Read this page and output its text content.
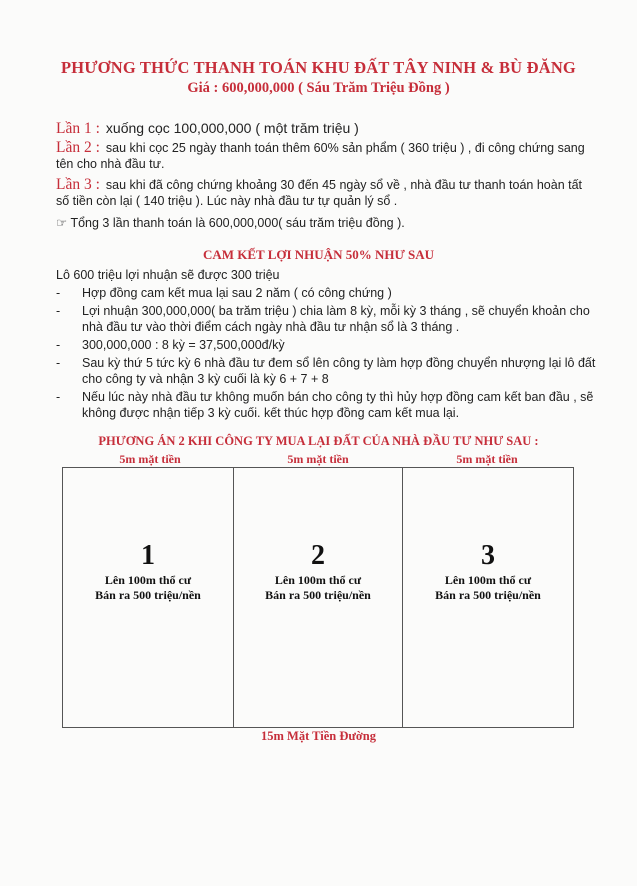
PHƯƠNG THỨC THANH TOÁN KHU ĐẤT TÂY NINH & BÙ ĐĂNG
Giá : 600,000,000 ( Sáu Trăm Triệu Đồng )
Lần 1 : xuống cọc 100,000,000 ( một trăm triệu )
Lần 2 : sau khi cọc 25 ngày thanh toán thêm 60% sản phẩm ( 360 triệu ) , đi công chứng sang tên cho nhà đầu tư.
Lần 3 : sau khi đã công chứng khoảng 30 đến 45 ngày sổ về , nhà đầu tư thanh toán hoàn tất số tiền còn lại ( 140 triệu ). Lúc này nhà đầu tư tự quản lý sổ .
☞ Tổng 3 lần thanh toán là 600,000,000( sáu trăm triệu đồng ).
CAM KẾT LỢI NHUẬN 50% NHƯ SAU
Lô 600 triệu lợi nhuận sẽ được 300 triệu
- Hợp đồng cam kết mua lại sau 2 năm ( có công chứng )
- Lợi nhuận 300,000,000( ba trăm triệu ) chia làm 8 kỳ, mỗi kỳ 3 tháng , sẽ chuyển khoản cho nhà đầu tư vào thời điểm cách ngày nhà đầu tư nhận sổ là 3 tháng .
- 300,000,000 : 8 kỳ = 37,500,000đ/kỳ
- Sau kỳ thứ 5 tức kỳ 6 nhà đầu tư đem sổ lên công ty làm hợp đồng chuyển nhượng lại lô đất cho công ty và nhận 3 kỳ cuối là kỳ 6 + 7 + 8
- Nếu lúc này nhà đầu tư không muốn bán cho công ty thì hủy hợp đồng cam kết ban đầu , sẽ không được nhận tiếp 3 kỳ cuối. kết thúc hợp đồng cam kết mua lại.
PHƯƠNG ÁN 2 KHI CÔNG TY MUA LẠI ĐẤT CỦA NHÀ ĐẦU TƯ NHƯ SAU :
5m mặt tiền	5m mặt tiền	5m mặt tiền
1
Lên 100m thổ cư
Bán ra 500 triệu/nền
2
Lên 100m thổ cư
Bán ra 500 triệu/nền
3
Lên 100m thổ cư
Bán ra 500 triệu/nền
15m Mặt Tiền Đường
